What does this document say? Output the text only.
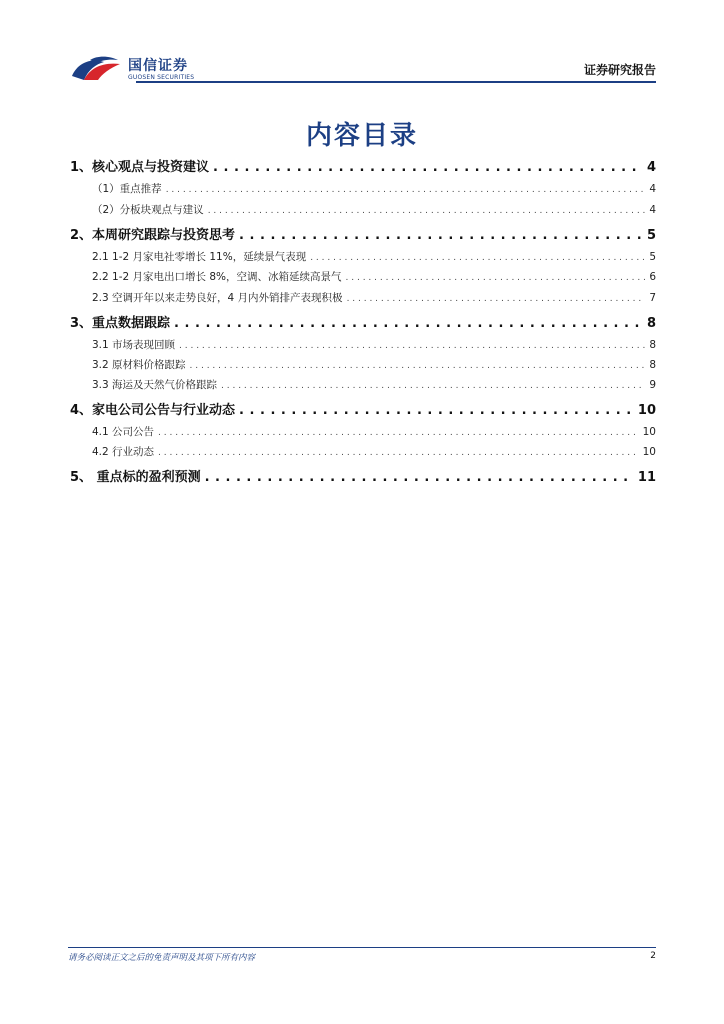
国信证券
GUOSEN SECURITIES
证券研究报告
内容目录
1、核心观点与投资建议 . . .	4
（1）重点推荐 . . .	4
（2）分板块观点与建议 . . .	4
2、本周研究跟踪与投资思考 . . .	5
2.1 1-2 月家电社零增长 11%，延续景气表现 . . .	5
2.2 1-2 月家电出口增长 8%，空调、冰箱延续高景气 . . .	6
2.3 空调开年以来走势良好，4 月内外销排产表现积极 . . .	7
3、重点数据跟踪 . . .	8
3.1 市场表现回顾 . . .	8
3.2 原材料价格跟踪 . . .	8
3.3 海运及天然气价格跟踪 . . .	9
4、家电公司公告与行业动态 . . .	10
4.1 公司公告 . . .	10
4.2 行业动态 . . .	10
5、 重点标的盈利预测 . . .	11
请务必阅读正文之后的免责声明及其项下所有内容	2
